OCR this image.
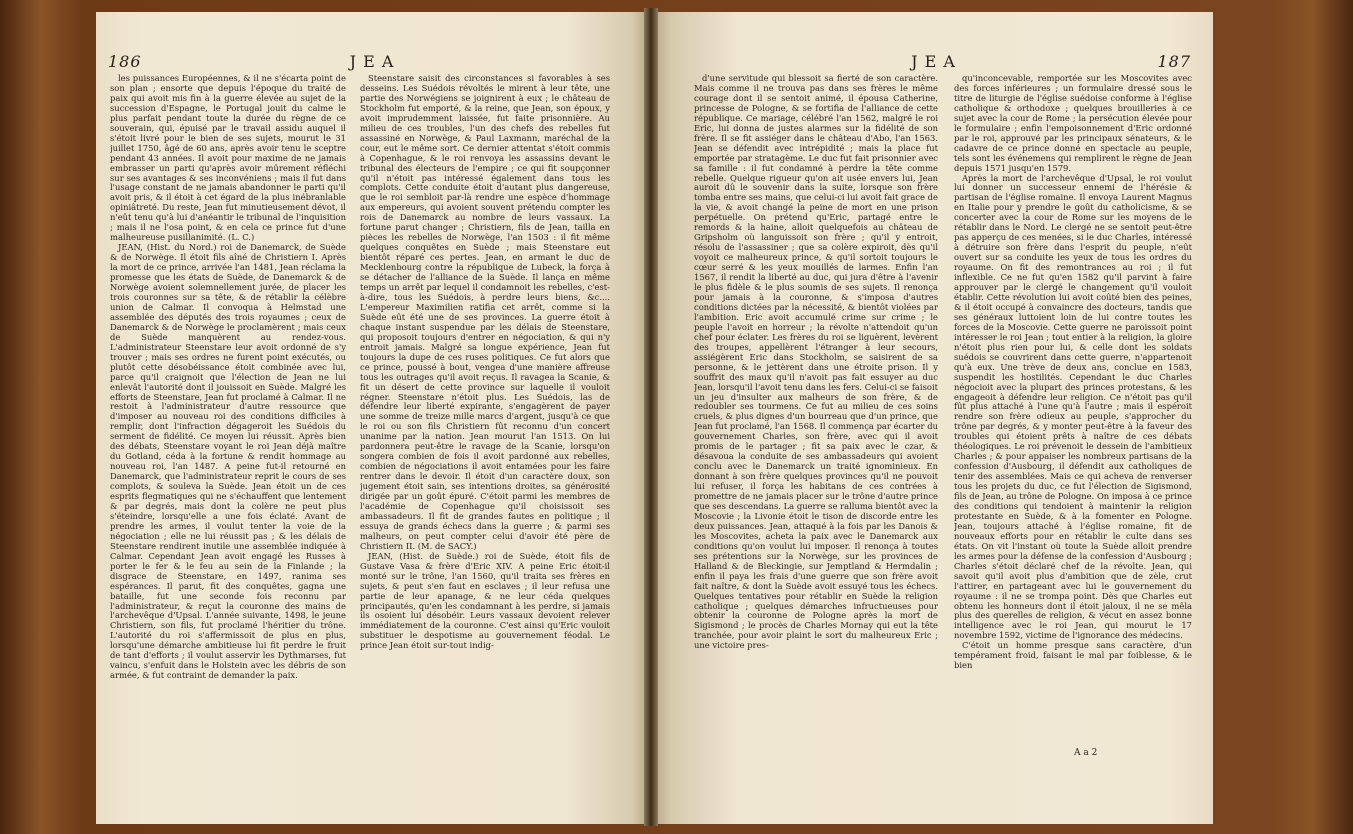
186	J E A

les puissances Européennes, & il ne s'écarta point de son plan ; ensorte que depuis l'époque du traité de paix qui avoit mis fin à la guerre élevée au sujet de la succession d'Espagne, le Portugal jouit du calme le plus parfait pendant toute la durée du règne de ce souverain, qui, épuisé par le travail assidu auquel il s'étoit livré pour le bien de ses sujets, mourut le 31 juillet 1750, âgé de 60 ans, après avoir tenu le sceptre pendant 43 années. Il avoit pour maxime de ne jamais embrasser un parti qu'après avoir mûrement réfléchi sur ses avantages & ses inconvéniens ; mais il fut dans l'usage constant de ne jamais abandonner le parti qu'il avoit pris, & il étoit à cet égard de la plus inébranlable opiniâtreté. Du reste, Jean fut minutieusement dévot, il n'eût tenu qu'à lui d'anéantir le tribunal de l'inquisition ; mais il ne l'osa point, & en cela ce prince fut d'une malheureuse pusillanimité. (L. C.)

JEAN, (Hist. du Nord.) roi de Danemarck, de Suède & de Norwège. Il étoit fils aîné de Christiern I. Après la mort de ce prince, arrivée l'an 1481, Jean réclama la promesse que les états de Suède, de Danemarck & de Norwège avoient solemnellement jurée, de placer les trois couronnes sur sa tête, & de rétablir la célèbre union de Calmar. Il convoqua à Helmstad une assemblée des députés des trois royaumes ; ceux de Danemarck & de Norwège le proclamèrent ; mais ceux de Suède manquèrent au rendez-vous. L'administrateur Steenstare leur avoit ordonné de s'y trouver ; mais ses ordres ne furent point exécutés, ou plutôt cette désobéissance étoit combinée avec lui, parce qu'il craignoit que l'élection de Jean ne lui enlevât l'autorité dont il jouissoit en Suède. Malgré les efforts de Steenstare, Jean fut proclamé à Calmar. Il ne restoit à l'administrateur d'autre ressource que d'imposer au nouveau roi des conditions difficiles à remplir, dont l'infraction dégageroit les Suédois du serment de fidélité. Ce moyen lui réussit. Après bien des débats, Steenstare voyant le roi Jean déjà maître du Gotland, céda à la fortune & rendit hommage au nouveau roi, l'an 1487. A peine fut-il retourné en Danemarck, que l'administrateur reprit le cours de ses complots, & souleva la Suède. Jean étoit un de ces esprits flegmatiques qui ne s'échauffent que lentement & par degrés, mais dont la colère ne peut plus s'éteindre, lorsqu'elle a une fois éclaté. Avant de prendre les armes, il voulut tenter la voie de la négociation ; elle ne lui réussit pas ; & les délais de Steenstare rendirent inutile une assemblée indiquée à Calmar. Cependant Jean avoit engagé les Russes à porter le fer & le feu au sein de la Finlande ; la disgrace de Steenstare, en 1497, ranima ses espérances. Il parut, fit des conquêtes, gagna une bataille, fut une seconde fois reconnu par l'administrateur, & reçut la couronne des mains de l'archevêque d'Upsal. L'année suivante, 1498, le jeune Christiern, son fils, fut proclamé l'héritier du trône. L'autorité du roi s'affermissoit de plus en plus, lorsqu'une démarche ambitieuse lui fit perdre le fruit de tant d'efforts ; il voulut asservir les Dythmarses, fut vaincu, s'enfuit dans le Holstein avec les débris de son armée, & fut contraint de demander la paix.

Steenstare saisit des circonstances si favorables à ses desseins. Les Suédois révoltés le mirent à leur tête, une partie des Norwégiens se joignirent à eux ; le château de Stockholm fut emporté, & la reine, que Jean, son époux, y avoit imprudemment laissée, fut faite prisonnière. Au milieu de ces troubles, l'un des chefs des rebelles fut assassiné en Norwège, & Paul Laxmann, maréchal de la cour, eut le même sort. Ce dernier attentat s'étoit commis à Copenhague, & le roi renvoya les assassins devant le tribunal des électeurs de l'empire ; ce qui fit soupçonner qu'il n'étoit pas intéressé également dans tous les complots. Cette conduite étoit d'autant plus dangereuse, que le roi sembloit par-là rendre une espèce d'hommage aux empereurs, qui avoient souvent prétendu compter les rois de Danemarck au nombre de leurs vassaux. La fortune parut changer ; Christiern, fils de Jean, tailla en pièces les rebelles de Norwège, l'an 1503 : il fit même quelques conquêtes en Suède ; mais Steenstare eut bientôt réparé ces pertes. Jean, en armant le duc de Mecklenbourg contre la république de Lubeck, la força à se détacher de l'alliance de la Suède. Il lança en même temps un arrêt par lequel il condamnoit les rebelles, c'est-à-dire, tous les Suédois, à perdre leurs biens, &c.... L'empereur Maximilien ratifia cet arrêt, comme si la Suède eût été une de ses provinces. La guerre étoit à chaque instant suspendue par les délais de Steenstare, qui proposoit toujours d'entrer en négociation, & qui n'y entroit jamais. Malgré sa longue expérience, Jean fut toujours la dupe de ces ruses politiques. Ce fut alors que ce prince, poussé à bout, vengea d'une manière affreuse tous les outrages qu'il avoit reçus. Il ravagea la Scanie, & fit un désert de cette province sur laquelle il vouloit régner. Steenstare n'étoit plus. Les Suédois, las de défendre leur liberté expirante, s'engagèrent de payer une somme de treize mille marcs d'argent, jusqu'à ce que le roi ou son fils Christiern fût reconnu d'un concert unanime par la nation. Jean mourut l'an 1513. On lui pardonnera peut-être le ravage de la Scanie, lorsqu'on songera combien de fois il avoit pardonné aux rebelles, combien de négociations il avoit entamées pour les faire rentrer dans le devoir. Il étoit d'un caractère doux, son jugement étoit sain, ses intentions droites, sa générosité dirigée par un goût épuré. C'étoit parmi les membres de l'académie de Copenhague qu'il choisissoit ses ambassadeurs. Il fit de grandes fautes en politique ; il essuya de grands échecs dans la guerre ; & parmi ses malheurs, on peut compter celui d'avoir été père de Christiern II. (M. de SACY.)

JEAN, (Hist. de Suède.) roi de Suède, étoit fils de Gustave Vasa & frère d'Eric XIV. A peine Eric étoit-il monté sur le trône, l'an 1560, qu'il traita ses frères en sujets, & peut s'en faut en esclaves ; il leur refusa une partie de leur apanage, & ne leur céda quelques principautés, qu'en les condamnant à les perdre, si jamais ils osoient lui désobéir. Leurs vassaux devoient relever immédiatement de la couronne. C'est ainsi qu'Eric vouloit substituer le despotisme au gouvernement féodal. Le prince Jean étoit sur-tout indig-

J E A	187

d'une servitude qui blessoit sa fierté de son caractère. Mais comme il ne trouva pas dans ses frères le même courage dont il se sentoit animé, il épousa Catherine, princesse de Pologne, & se fortifia de l'alliance de cette république. Ce mariage, célébré l'an 1562, malgré le roi Eric, lui donna de justes alarmes sur la fidélité de son frère. Il se fit assiéger dans le château d'Abo, l'an 1563. Jean se défendit avec intrépidité ; mais la place fut emportée par stratagème. Le duc fut fait prisonnier avec sa famille : il fut condamné à perdre la tête comme rebelle. Quelque rigueur qu'on ait usée envers lui, Jean auroit dû le souvenir dans la suite, lorsque son frère tomba entre ses mains, que celui-ci lui avoit fait grace de la vie, & avoit changé la peine de mort en une prison perpétuelle. On prétend qu'Eric, partagé entre le remords & la haine, alloit quelquefois au château de Gripsholm où languissoit son frère ; qu'il y entroit, résolu de l'assassiner ; que sa colère expiroit, dès qu'il voyoit ce malheureux prince, & qu'il sortoit toujours le cœur serré & les yeux mouillés de larmes. Enfin l'an 1567, il rendit la liberté au duc, qui jura d'être à l'avenir le plus fidèle & le plus soumis de ses sujets. Il renonça pour jamais à la couronne, & s'imposa d'autres conditions dictées par la nécessité, & bientôt violées par l'ambition. Eric avoit accumulé crime sur crime ; le peuple l'avoit en horreur ; la révolte n'attendoit qu'un chef pour éclater. Les frères du roi se liguèrent, levèrent des troupes, appellèrent l'étranger à leur secours, assiégèrent Eric dans Stockholm, se saisirent de sa personne, & le jettèrent dans une étroite prison. Il y souffrit des maux qu'il n'avoit pas fait essuyer au duc Jean, lorsqu'il l'avoit tenu dans les fers. Celui-ci se faisoit un jeu d'insulter aux malheurs de son frère, & de redoubler ses tourmens. Ce fut au milieu de ces soins cruels, & plus dignes d'un bourreau que d'un prince, que Jean fut proclamé, l'an 1568. Il commença par écarter du gouvernement Charles, son frère, avec qui il avoit promis de le partager ; fit sa paix avec le czar, & désavoua la conduite de ses ambassadeurs qui avoient conclu avec le Danemarck un traité ignominieux. En donnant à son frère quelques provinces qu'il ne pouvoit lui refuser, il força les habitans de ces contrées à promettre de ne jamais placer sur le trône d'autre prince que ses descendans. La guerre se ralluma bientôt avec la Moscovie ; la Livonie étoit le tison de discorde entre les deux puissances. Jean, attaqué à la fois par les Danois & les Moscovites, acheta la paix avec le Danemarck aux conditions qu'on voulut lui imposer. Il renonça à toutes ses prétentions sur la Norwège, sur les provinces de Halland & de Bleckingie, sur Jemptland & Hermdalin ; enfin il paya les frais d'une guerre que son frère avoit fait naître, & dont la Suède avoit essuyé tous les échecs. Quelques tentatives pour rétablir en Suède la religion catholique ; quelques démarches infructueuses pour obtenir la couronne de Pologne après la mort de Sigismond ; le procès de Charles Mornay qui eut la tête tranchée, pour avoir plaint le sort du malheureux Eric ; une victoire pres-

qu'inconcevable, remportée sur les Moscovites avec des forces inférieures ; un formulaire dressé sous le titre de liturgie de l'église suédoise conforme à l'église catholique & orthodoxe ; quelques brouilleries à ce sujet avec la cour de Rome ; la persécution élevée pour le formulaire ; enfin l'empoisonnement d'Eric ordonné par le roi, approuvé par les principaux sénateurs, & le cadavre de ce prince donné en spectacle au peuple, tels sont les événemens qui remplirent le règne de Jean depuis 1571 jusqu'en 1579.

Après la mort de l'archevêque d'Upsal, le roi voulut lui donner un successeur ennemi de l'hérésie & partisan de l'église romaine. Il envoya Laurent Magnus en Italie pour y prendre le goût du catholicisme, & se concerter avec la cour de Rome sur les moyens de le rétablir dans le Nord. Le clergé ne se sentoit peut-être pas apperçu de ces menées, si le duc Charles, intéressé à détruire son frère dans l'esprit du peuple, n'eût ouvert sur sa conduite les yeux de tous les ordres du royaume. On fit des remontrances au roi ; il fut inflexible. Ce ne fut qu'en 1582 qu'il parvint à faire approuver par le clergé le changement qu'il vouloit établir. Cette révolution lui avoit coûté bien des peines, & il étoit occupé à convaincre des docteurs, tandis que ses généraux luttoient loin de lui contre toutes les forces de la Moscovie. Cette guerre ne paroissoit point intéresser le roi Jean ; tout entier à la religion, la gloire n'étoit plus rien pour lui, & celle dont les soldats suédois se couvrirent dans cette guerre, n'appartenoit qu'à eux. Une trève de deux ans, conclue en 1583, suspendit les hostilités. Cependant le duc Charles négocioit avec la plupart des princes protestans, & les engageoit à défendre leur religion. Ce n'étoit pas qu'il fût plus attaché à l'une qu'à l'autre ; mais il espéroit rendre son frère odieux au peuple, s'approcher du trône par degrés, & y monter peut-être à la faveur des troubles qui étoient prêts à naître de ces débats théologiques. Le roi prévenoit le dessein de l'ambitieux Charles ; & pour appaiser les nombreux partisans de la confession d'Ausbourg, il défendit aux catholiques de tenir des assemblées. Mais ce qui acheva de renverser tous les projets du duc, ce fut l'élection de Sigismond, fils de Jean, au trône de Pologne. On imposa à ce prince des conditions qui tendoient à maintenir la religion protestante en Suède, & à la fomenter en Pologne. Jean, toujours attaché à l'église romaine, fit de nouveaux efforts pour en rétablir le culte dans ses états. On vit l'instant où toute la Suède alloit prendre les armes pour la défense de la confession d'Ausbourg ; Charles s'étoit déclaré chef de la révolte. Jean, qui savoit qu'il avoit plus d'ambition que de zèle, crut l'attirer, en partageant avec lui le gouvernement du royaume : il ne se trompa point. Dès que Charles eut obtenu les honneurs dont il étoit jaloux, il ne se mêla plus des querelles de religion, & vécut en assez bonne intelligence avec le roi Jean, qui mourut le 17 novembre 1592, victime de l'ignorance des médecins.

C'étoit un homme presque sans caractère, d'un tempérament froid, faisant le mal par foiblesse, & le bien

A a 2
